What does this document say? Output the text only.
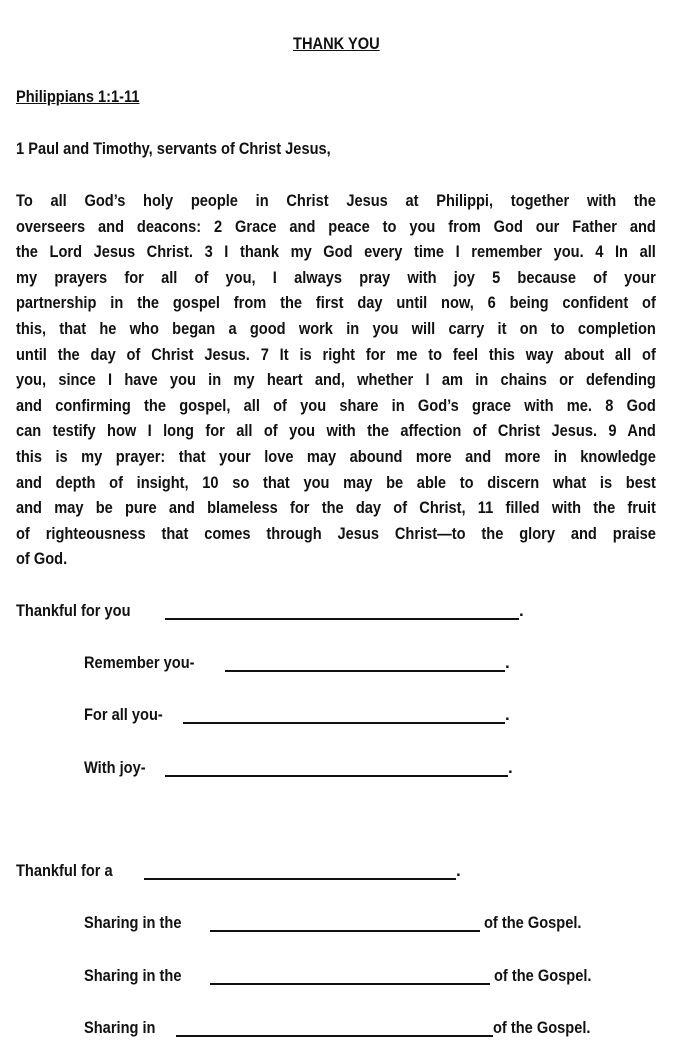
THANK YOU
Philippians 1:1-11
1 Paul and Timothy, servants of Christ Jesus,
To all God’s holy people in Christ Jesus at Philippi, together with the
overseers and deacons: 2 Grace and peace to you from God our Father and
the Lord Jesus Christ. 3 I thank my God every time I remember you. 4 In all
my prayers for all of you, I always pray with joy 5 because of your
partnership in the gospel from the first day until now, 6 being confident of
this, that he who began a good work in you will carry it on to completion
until the day of Christ Jesus. 7 It is right for me to feel this way about all of
you, since I have you in my heart and, whether I am in chains or defending
and confirming the gospel, all of you share in God’s grace with me. 8 God
can testify how I long for all of you with the affection of Christ Jesus. 9 And
this is my prayer: that your love may abound more and more in knowledge
and depth of insight, 10 so that you may be able to discern what is best
and may be pure and blameless for the day of Christ, 11 filled with the fruit
of righteousness that comes through Jesus Christ—to the glory and praise
of God.
Thankful for you	.
Remember you-	.
For all you-	.
With joy-	.
Thankful for a	.
Sharing in the	of the Gospel.
Sharing in the	of the Gospel.
Sharing in	of the Gospel.
